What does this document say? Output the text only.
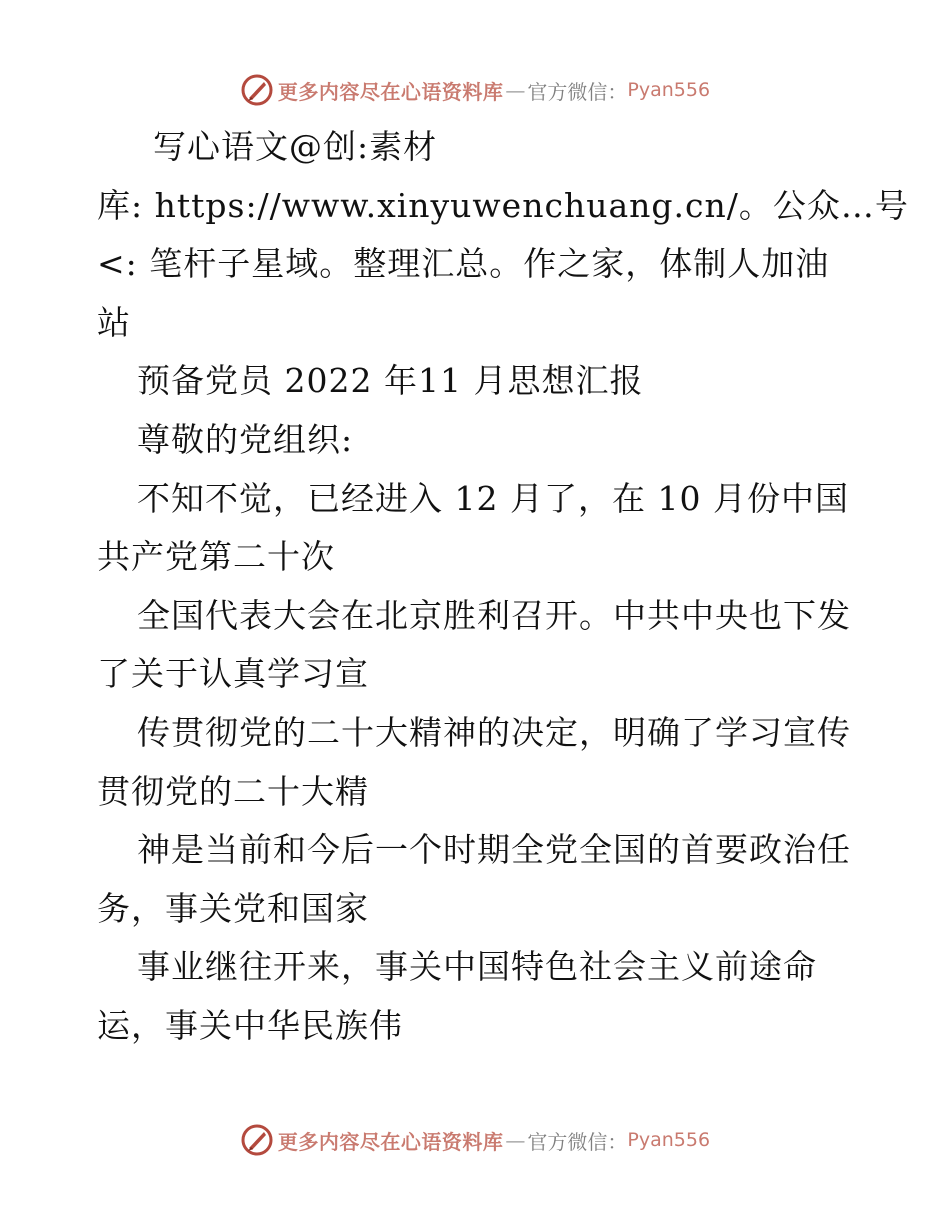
更多内容尽在心语资料库 — 官方微信： Pyan556
写心语文@创:素材
库: https://www.xinyuwenchuang.cn/。公众…号
<: 笔杆子星域。整理汇总。作之家，体制人加油
站
预备党员 2022 年11 月思想汇报
尊敬的党组织:
不知不觉，已经进入 12 月了，在 10 月份中国
共产党第二十次
全国代表大会在北京胜利召开。中共中央也下发
了关于认真学习宣
传贯彻党的二十大精神的决定，明确了学习宣传
贯彻党的二十大精
神是当前和今后一个时期全党全国的首要政治任
务，事关党和国家
事业继往开来，事关中国特色社会主义前途命
运，事关中华民族伟
更多内容尽在心语资料库 — 官方微信： Pyan556
